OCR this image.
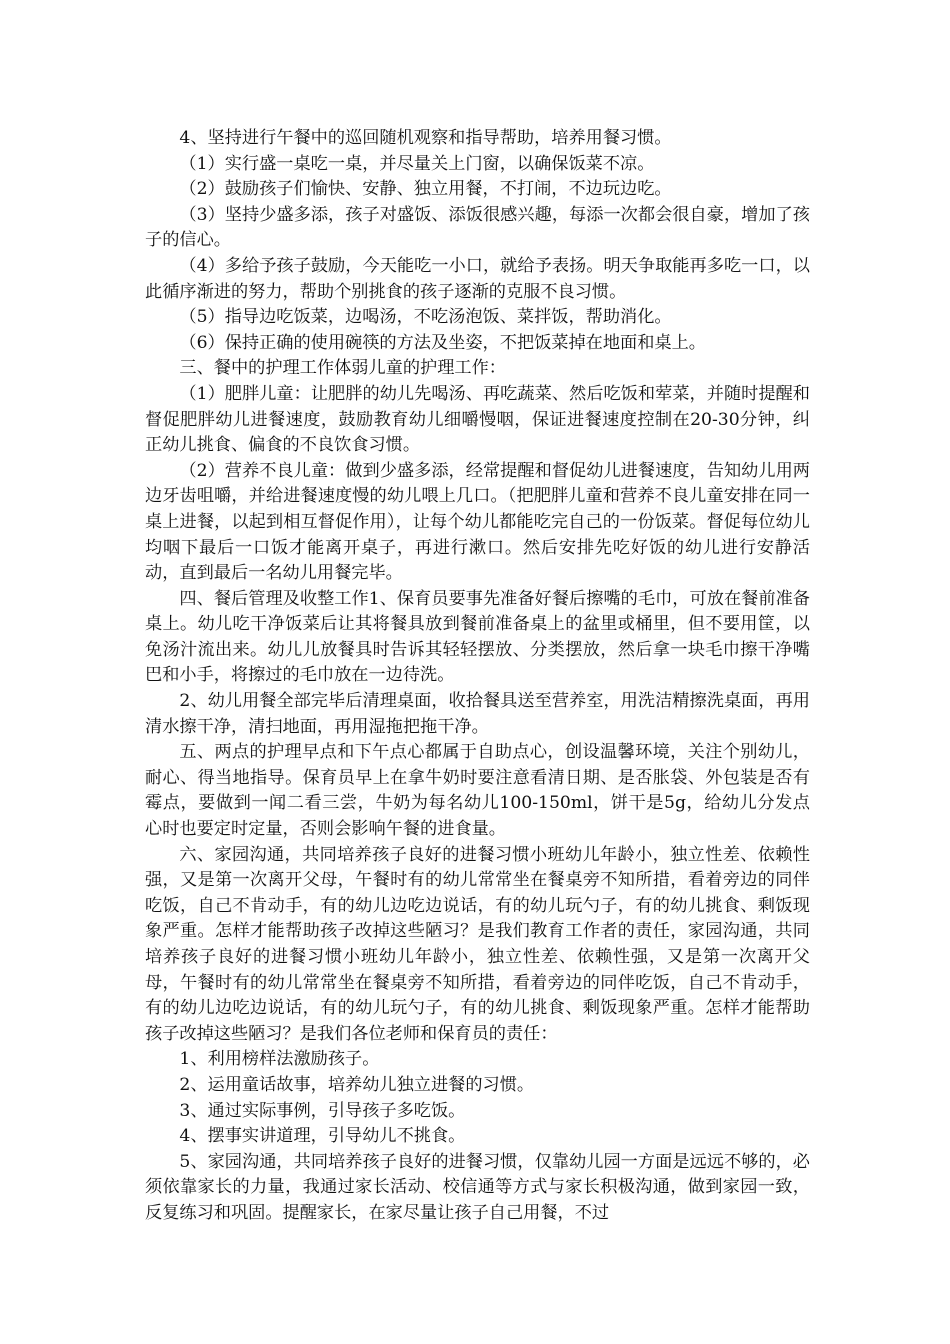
4、坚持进行午餐中的巡回随机观察和指导帮助，培养用餐习惯。

（1）实行盛一桌吃一桌，并尽量关上门窗，以确保饭菜不凉。

（2）鼓励孩子们愉快、安静、独立用餐，不打闹，不边玩边吃。

（3）坚持少盛多添，孩子对盛饭、添饭很感兴趣，每添一次都会很自豪，增加了孩子的信心。

（4）多给予孩子鼓励，今天能吃一小口，就给予表扬。明天争取能再多吃一口，以此循序渐进的努力，帮助个别挑食的孩子逐渐的克服不良习惯。

（5）指导边吃饭菜，边喝汤，不吃汤泡饭、菜拌饭，帮助消化。

（6）保持正确的使用碗筷的方法及坐姿，不把饭菜掉在地面和桌上。

三、餐中的护理工作体弱儿童的护理工作：

（1）肥胖儿童：让肥胖的幼儿先喝汤、再吃蔬菜、然后吃饭和荤菜，并随时提醒和督促肥胖幼儿进餐速度，鼓励教育幼儿细嚼慢咽，保证进餐速度控制在20-30分钟，纠正幼儿挑食、偏食的不良饮食习惯。

（2）营养不良儿童：做到少盛多添，经常提醒和督促幼儿进餐速度，告知幼儿用两边牙齿咀嚼，并给进餐速度慢的幼儿喂上几口。（把肥胖儿童和营养不良儿童安排在同一桌上进餐，以起到相互督促作用），让每个幼儿都能吃完自己的一份饭菜。督促每位幼儿均咽下最后一口饭才能离开桌子，再进行漱口。然后安排先吃好饭的幼儿进行安静活动，直到最后一名幼儿用餐完毕。

四、餐后管理及收整工作1、保育员要事先准备好餐后擦嘴的毛巾，可放在餐前准备桌上。幼儿吃干净饭菜后让其将餐具放到餐前准备桌上的盆里或桶里，但不要用筐，以免汤汁流出来。幼儿儿放餐具时告诉其轻轻摆放、分类摆放，然后拿一块毛巾擦干净嘴巴和小手，将擦过的毛巾放在一边待洗。

2、幼儿用餐全部完毕后清理桌面，收拾餐具送至营养室，用洗洁精擦洗桌面，再用清水擦干净，清扫地面，再用湿拖把拖干净。

五、两点的护理早点和下午点心都属于自助点心，创设温馨环境，关注个别幼儿，耐心、得当地指导。保育员早上在拿牛奶时要注意看清日期、是否胀袋、外包装是否有霉点，要做到一闻二看三尝，牛奶为每名幼儿100-150ml，饼干是5g，给幼儿分发点心时也要定时定量，否则会影响午餐的进食量。

六、家园沟通，共同培养孩子良好的进餐习惯小班幼儿年龄小，独立性差、依赖性强，又是第一次离开父母，午餐时有的幼儿常常坐在餐桌旁不知所措，看着旁边的同伴吃饭，自己不肯动手，有的幼儿边吃边说话，有的幼儿玩勺子，有的幼儿挑食、剩饭现象严重。怎样才能帮助孩子改掉这些陋习？是我们教育工作者的责任，家园沟通，共同培养孩子良好的进餐习惯小班幼儿年龄小，独立性差、依赖性强，又是第一次离开父母，午餐时有的幼儿常常坐在餐桌旁不知所措，看着旁边的同伴吃饭，自己不肯动手，有的幼儿边吃边说话，有的幼儿玩勺子，有的幼儿挑食、剩饭现象严重。怎样才能帮助孩子改掉这些陋习？是我们各位老师和保育员的责任：

1、利用榜样法激励孩子。

2、运用童话故事，培养幼儿独立进餐的习惯。

3、通过实际事例，引导孩子多吃饭。

4、摆事实讲道理，引导幼儿不挑食。

5、家园沟通，共同培养孩子良好的进餐习惯，仅靠幼儿园一方面是远远不够的，必须依靠家长的力量，我通过家长活动、校信通等方式与家长积极沟通，做到家园一致，反复练习和巩固。提醒家长，在家尽量让孩子自己用餐，不过
